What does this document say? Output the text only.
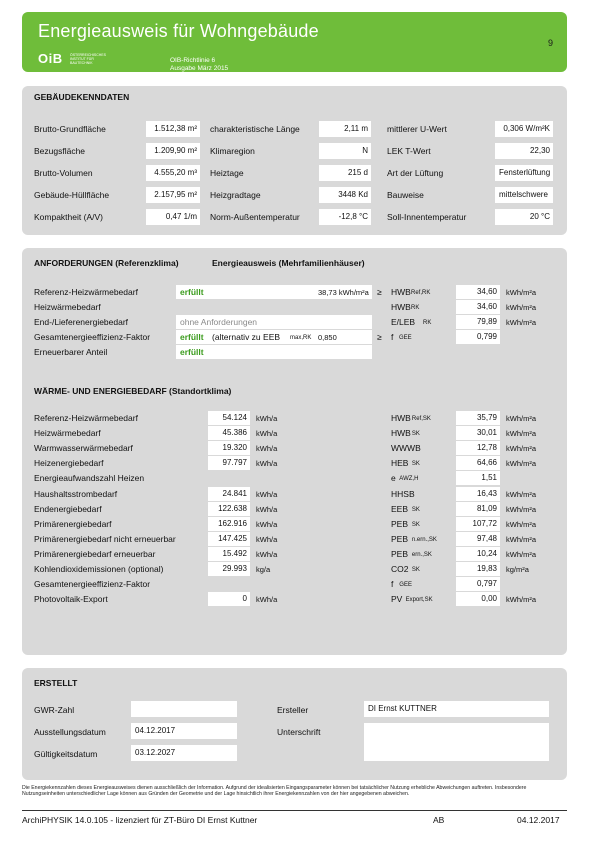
Energieausweis für Wohngebäude
9
OiB ÖSTERREICHISCHES INSTITUT FÜR BAUTECHNIK	OIB-Richtlinie 6
Ausgabe März 2015
GEBÄUDEKENNDATEN
Brutto-Grundfläche	1.512,38 m²
Bezugsfläche	1.209,90 m²
Brutto-Volumen	4.555,20 m³
Gebäude-Hüllfläche	2.157,95 m²
Kompaktheit (A/V)	0,47 1/m
charakteristische Länge	2,11 m
Klimaregion	N
Heiztage	215 d
Heizgradtage	3448 Kd
Norm-Außentemperatur	-12,8 °C
mittlerer U-Wert	0,306 W/m²K
LEK T-Wert	22,30
Art der Lüftung	Fensterlüftung
Bauweise	mittelschwere
Soll-Innentemperatur	20 °C
ANFORDERUNGEN (Referenzklima)	Energieausweis (Mehrfamilienhäuser)
Referenz-Heizwärmebedarf	erfüllt	38,73 kWh/m²a ≥ HWB Ref,RK	34,60	kWh/m²a
Heizwärmebedarf	HWB RK	34,60	kWh/m²a
End-/Lieferenergiebedarf	ohne Anforderungen	E/LEB RK	79,89	kWh/m²a
Gesamtenergieeffizienz-Faktor	erfüllt (alternativ zu EEB max,RK 0,850	≥ f GEE	0,799
Erneuerbarer Anteil	erfüllt
WÄRME- UND ENERGIEBEDARF (Standortklima)
Referenz-Heizwärmebedarf	54.124	kWh/a	HWB Ref,SK	35,79	kWh/m²a
Heizwärmebedarf	45.386	kWh/a	HWB SK	30,01	kWh/m²a
Warmwasserwärmebedarf	19.320	kWh/a	WWWB	12,78	kWh/m²a
Heizenergiebedarf	97.797	kWh/a	HEB SK	64,66	kWh/m²a
Energieaufwandszahl Heizen	e AWZ,H	1,51
Haushaltsstrombedarf	24.841	kWh/a	HHSB	16,43	kWh/m²a
Endenergiebedarf	122.638	kWh/a	EEB SK	81,09	kWh/m²a
Primärenergiebedarf	162.916	kWh/a	PEB SK	107,72	kWh/m²a
Primärenergiebedarf nicht erneuerbar	147.425	kWh/a	PEB n.ern.,SK	97,48	kWh/m²a
Primärenergiebedarf erneuerbar	15.492	kWh/a	PEB ern.,SK	10,24	kWh/m²a
Kohlendioxidemissionen (optional)	29.993	kg/a	CO2 SK	19,83	kg/m²a
Gesamtenergieeffizienz-Faktor	f GEE	0,797
Photovoltaik-Export	0	kWh/a	PV Export,SK	0,00	kWh/m²a
ERSTELLT
GWR-Zahl
Ausstellungsdatum	04.12.2017
Gültigkeitsdatum	03.12.2027
Ersteller	DI Ernst KUTTNER
Unterschrift
Die Energiekennzahlen dieses Energieausweises dienen ausschließlich der Information. Aufgrund der idealisierten Eingangsparameter können bei tatsächlicher Nutzung erhebliche Abweichungen auftreten. Insbesondere Nutzungseinheiten unterschiedlicher Lage können aus Gründen der Geometrie und der Lage hinsichtlich ihrer Energiekennzahlen von der hier angegebenen abweichen.
ArchiPHYSIK 14.0.105 - lizenziert für ZT-Büro DI Ernst Kuttner	AB	04.12.2017
